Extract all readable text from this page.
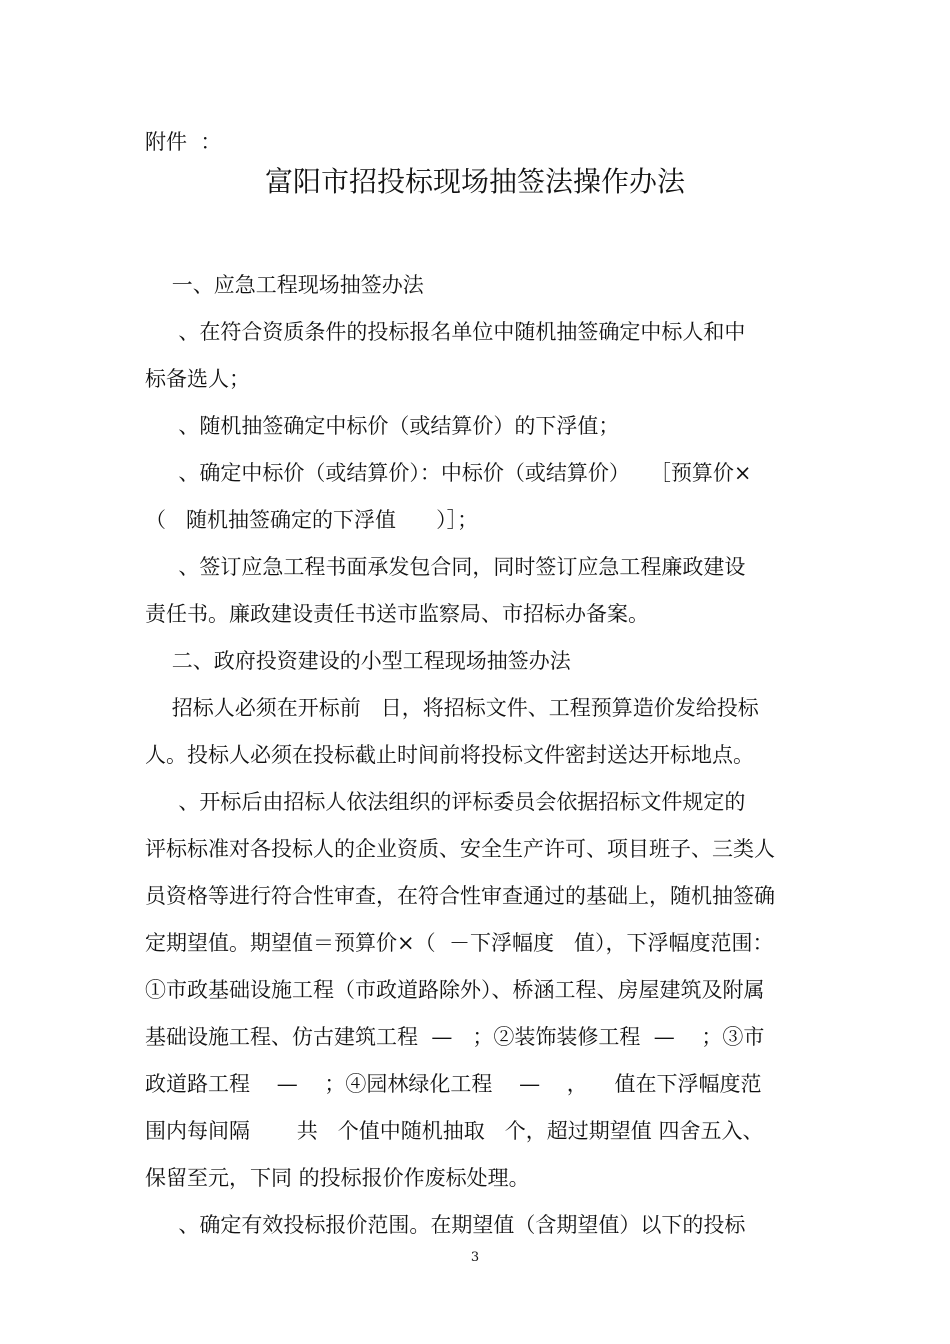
附件  ：
富阳市招投标现场抽签法操作办法
一、应急工程现场抽签办法
、在符合资质条件的投标报名单位中随机抽签确定中标人和中
标备选人；
、随机抽签确定中标价（或结算价）的下浮值；
、确定中标价（或结算价）：中标价（或结算价）   ［预算价×
（   随机抽签确定的下浮值      ）］；
、签订应急工程书面承发包合同，同时签订应急工程廉政建设
责任书。廉政建设责任书送市监察局、市招标办备案。
二、政府投资建设的小型工程现场抽签办法
招标人必须在开标前   日，将招标文件、工程预算造价发给投标
人。投标人必须在投标截止时间前将投标文件密封送达开标地点。
、开标后由招标人依法组织的评标委员会依据招标文件规定的
评标标准对各投标人的企业资质、安全生产许可、项目班子、三类人
员资格等进行符合性审查，在符合性审查通过的基础上，随机抽签确
定期望值。期望值＝预算价×（  －下浮幅度   值），下浮幅度范围：
①市政基础设施工程（市政道路除外）、桥涵工程、房屋建筑及附属
基础设施工程、仿古建筑工程  —   ；②装饰装修工程  —    ；③市
政道路工程    —    ；④园林绿化工程    —    ，    值在下浮幅度范
围内每间隔       共   个值中随机抽取   个，超过期望值 四舍五入、
保留至元，下同 的投标报价作废标处理。
、确定有效投标报价范围。在期望值（含期望值）以下的投标
3
